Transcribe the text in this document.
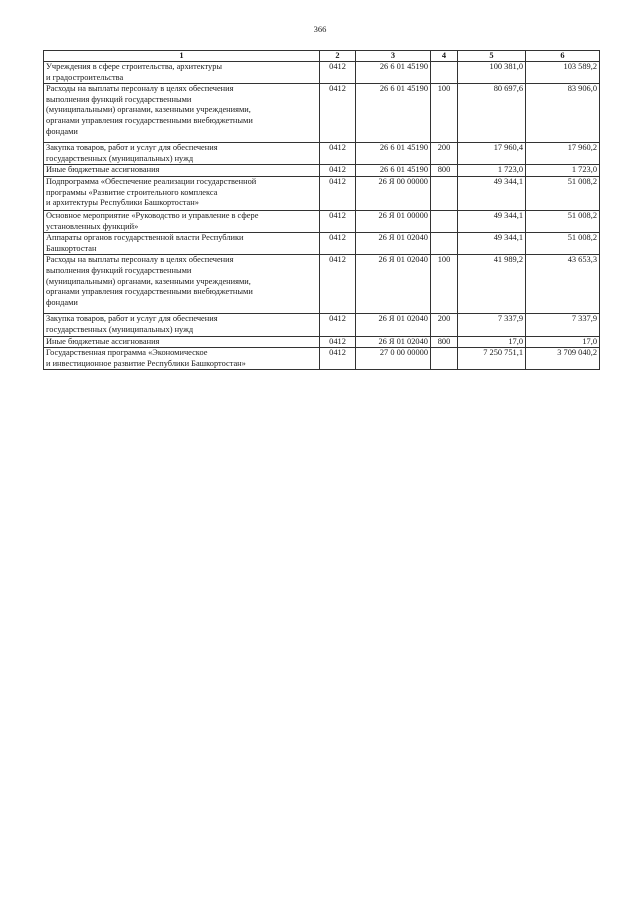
366
1	2	3	4	5	6
Учреждения в сфере строительства, архитектуры
и градостроительства	0412	26 6 01 45190		100 381,0	103 589,2
Расходы на выплаты персоналу в целях обеспечения
выполнения функций государственными
(муниципальными) органами, казенными учреждениями,
органами управления государственными внебюджетными
фондами	0412	26 6 01 45190	100	80 697,6	83 906,0
Закупка товаров, работ и услуг для обеспечения
государственных (муниципальных) нужд	0412	26 6 01 45190	200	17 960,4	17 960,2
Иные бюджетные ассигнования	0412	26 6 01 45190	800	1 723,0	1 723,0
Подпрограмма «Обеспечение реализации государственной
программы «Развитие строительного комплекса
и архитектуры Республики Башкортостан»	0412	26 Я 00 00000		49 344,1	51 008,2
Основное мероприятие «Руководство и управление в сфере
установленных функций»	0412	26 Я 01 00000		49 344,1	51 008,2
Аппараты органов государственной власти Республики
Башкортостан	0412	26 Я 01 02040		49 344,1	51 008,2
Расходы на выплаты персоналу в целях обеспечения
выполнения функций государственными
(муниципальными) органами, казенными учреждениями,
органами управления государственными внебюджетными
фондами	0412	26 Я 01 02040	100	41 989,2	43 653,3
Закупка товаров, работ и услуг для обеспечения
государственных (муниципальных) нужд	0412	26 Я 01 02040	200	7 337,9	7 337,9
Иные бюджетные ассигнования	0412	26 Я 01 02040	800	17,0	17,0
Государственная программа «Экономическое
и инвестиционное развитие Республики Башкортостан»	0412	27 0 00 00000		7 250 751,1	3 709 040,2
